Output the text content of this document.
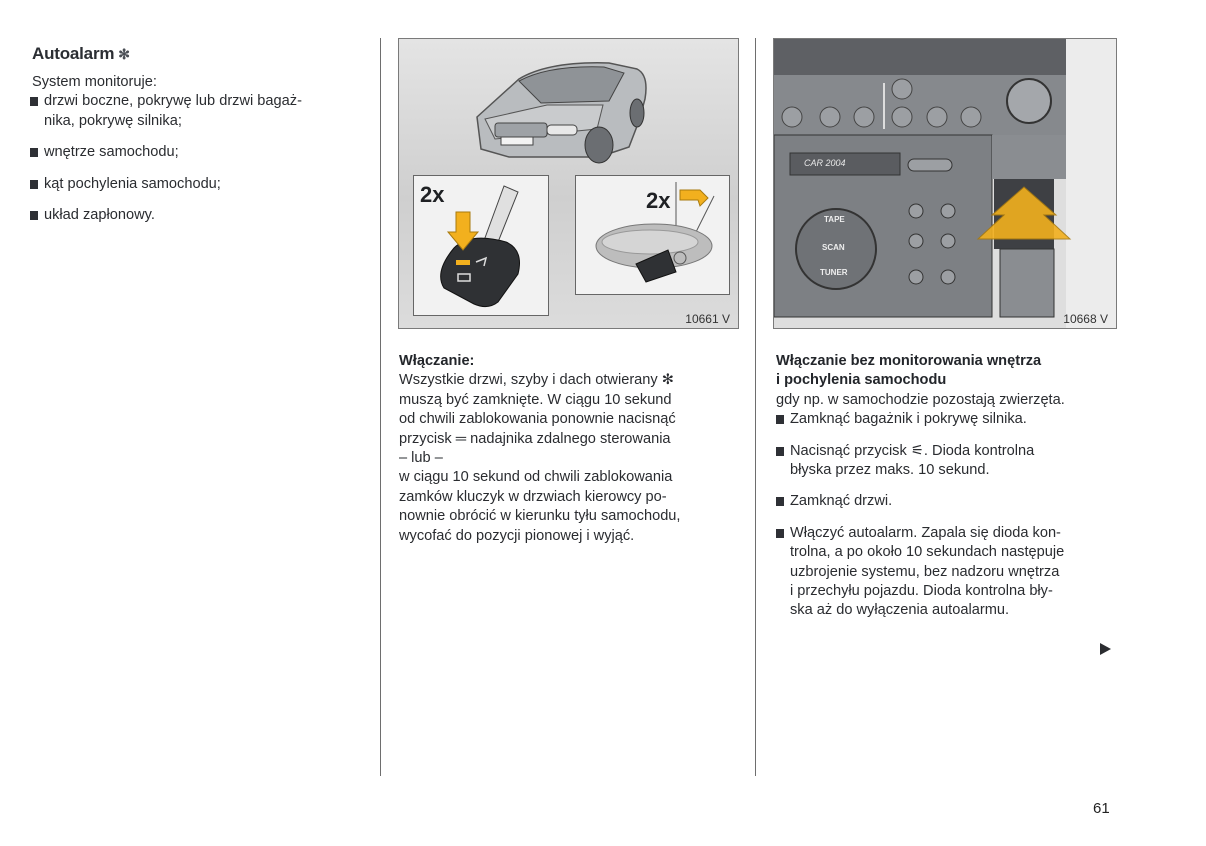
Autoalarm ✻

System monitoruje:

drzwi boczne, pokrywę lub drzwi bagaż-
nika, pokrywę silnika;
wnętrze samochodu;
kąt pochylenia samochodu;
układ zapłonowy.
2x	2x
10661 V
Włączanie:

Wszystkie drzwi, szyby i dach otwierany ✻

muszą być zamknięte. W ciągu 10 sekund

od chwili zablokowania ponownie nacisnąć

przycisk ═ nadajnika zdalnego sterowania

– lub –

w ciągu 10 sekund od chwili zablokowania

zamków kluczyk w drzwiach kierowcy po-

nownie obrócić w kierunku tyłu samochodu,

wycofać do pozycji pionowej i wyjąć.

CAR 2004
TAPE
SCAN
TUNER
10668 V
Włączanie bez monitorowania wnętrza
i pochylenia samochodu

gdy np. w samochodzie pozostają zwierzęta.

Zamknąć bagażnik i pokrywę silnika.
Nacisnąć przycisk ⚟. Dioda kontrolna
błyska przez maks. 10 sekund.
Zamknąć drzwi.
Włączyć autoalarm. Zapala się dioda kon-
trolna, a po około 10 sekundach następuje
uzbrojenie systemu, bez nadzoru wnętrza
i przechyłu pojazdu. Dioda kontrolna bły-
ska aż do wyłączenia autoalarmu.
61
